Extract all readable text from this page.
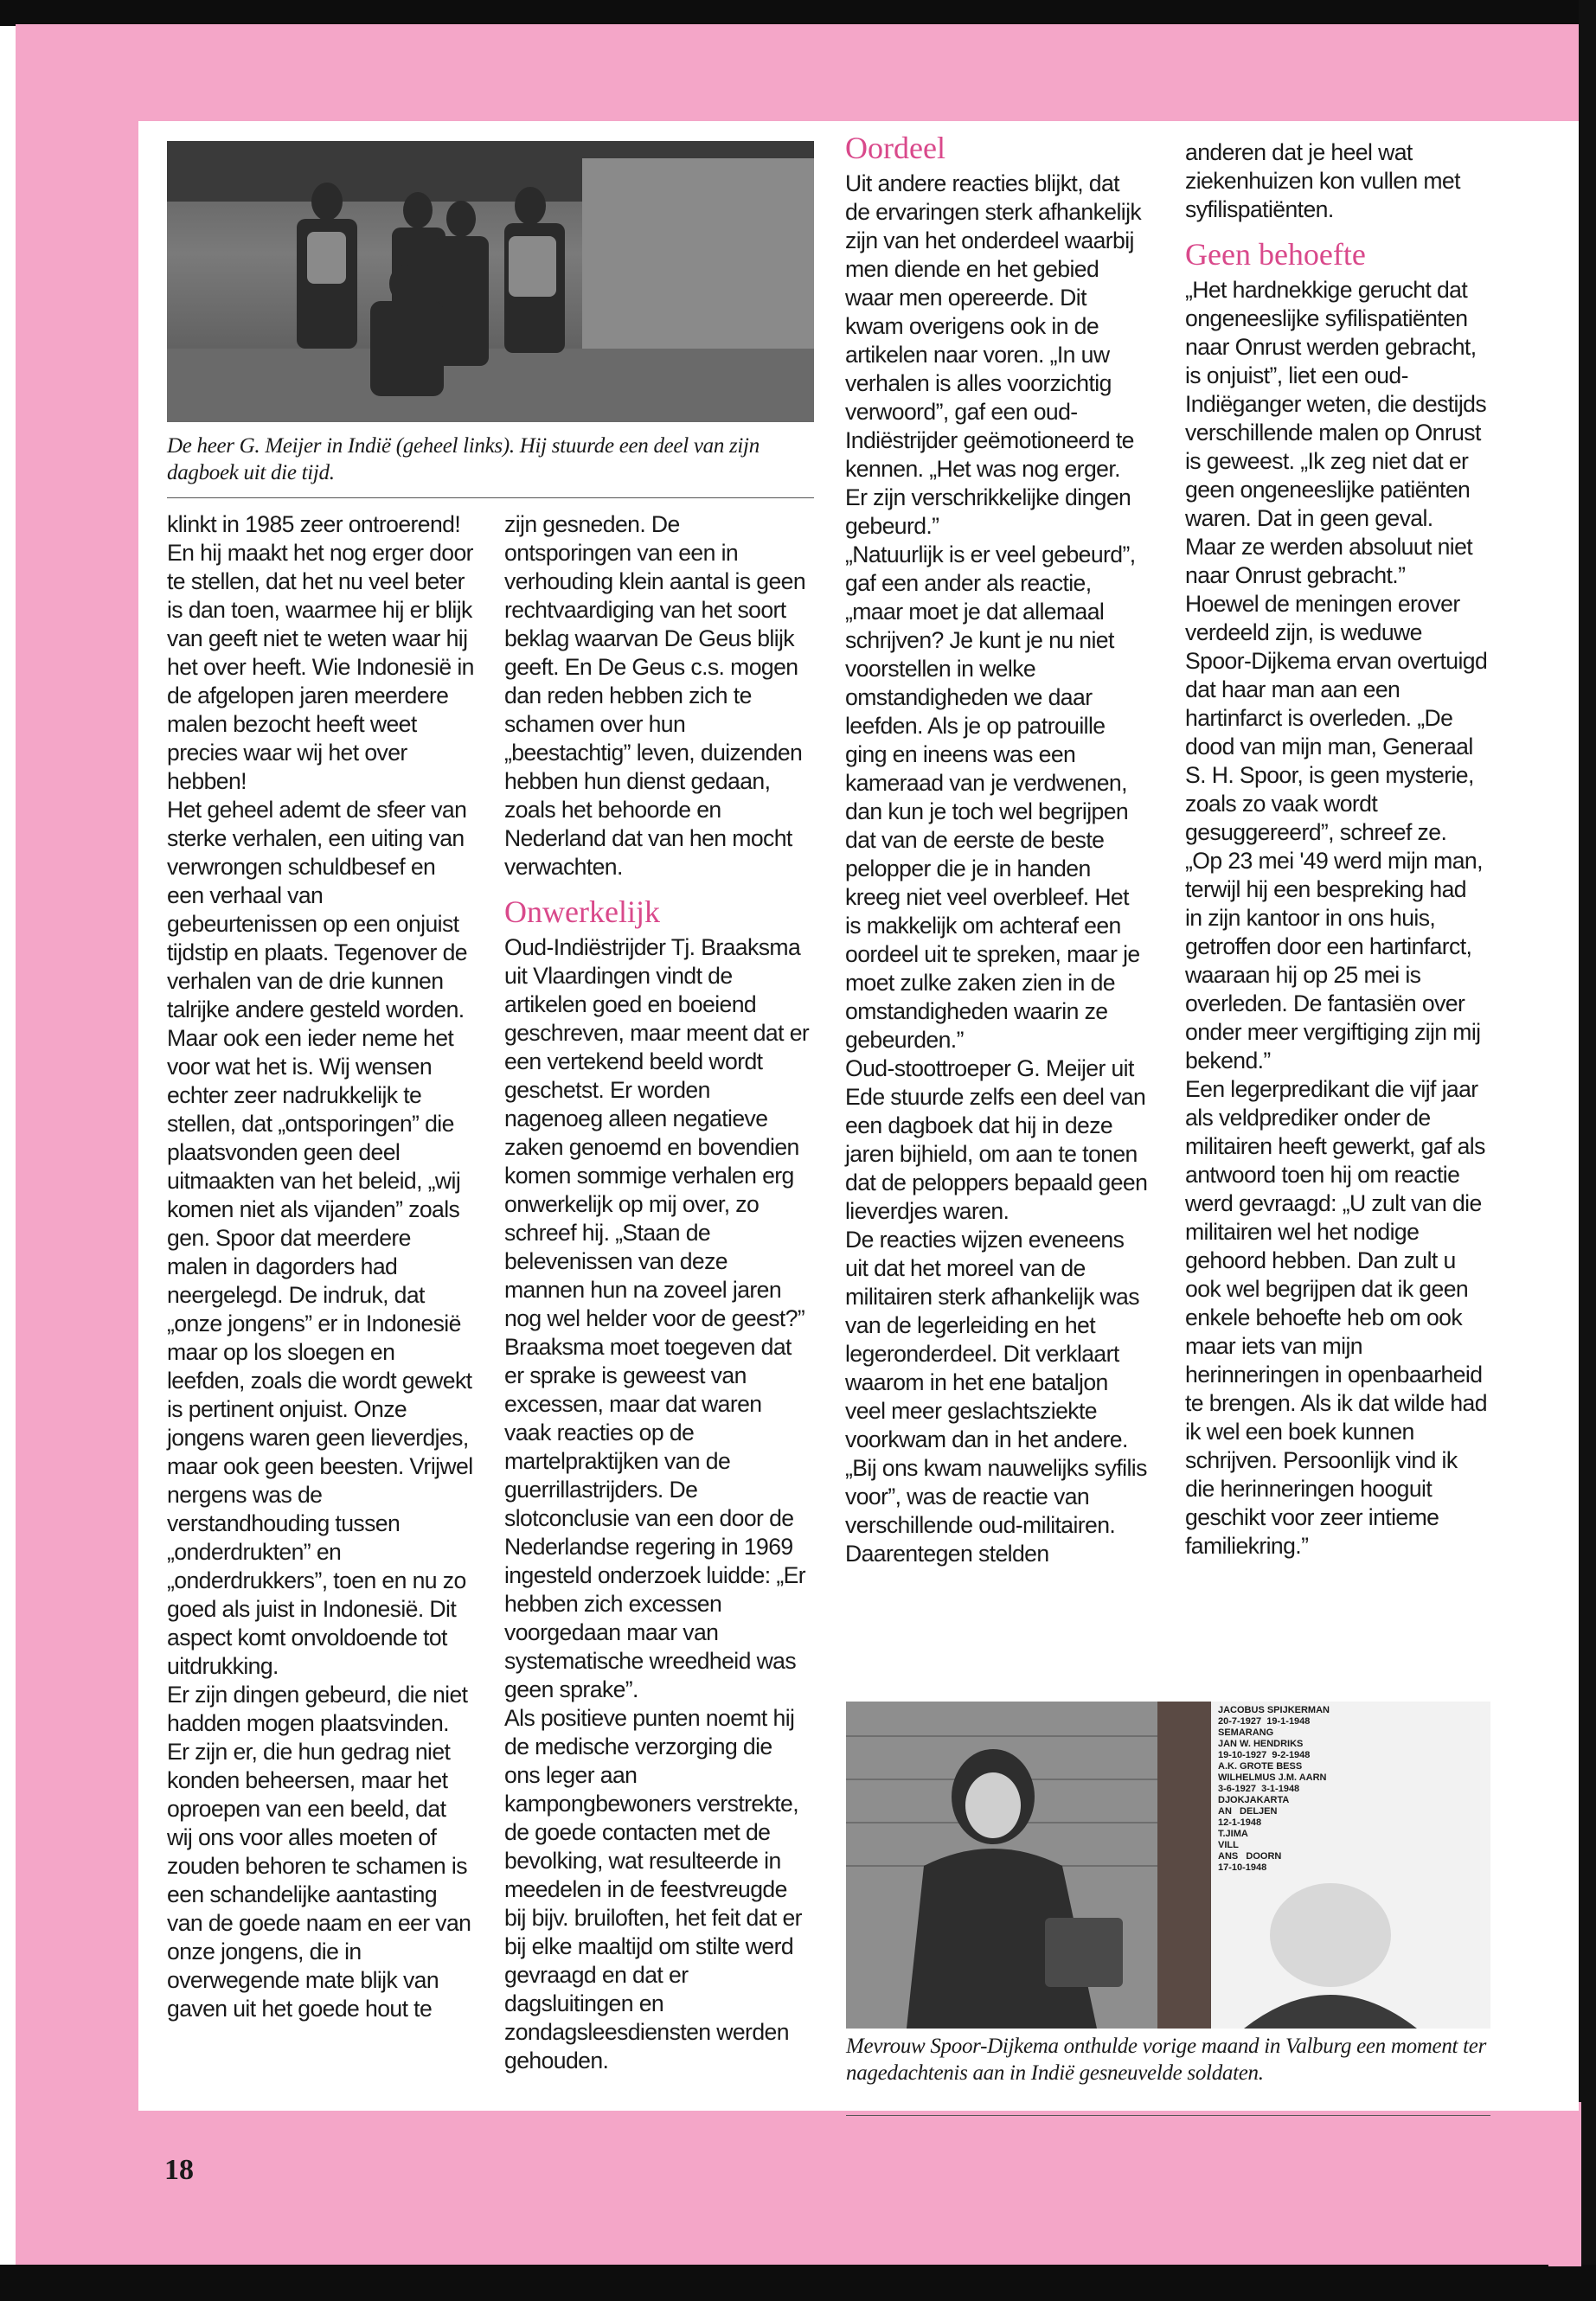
De heer G. Meijer in Indië (geheel links). Hij stuurde een deel van zijn dagboek uit die tijd.

klinkt in 1985 zeer ontroerend! En hij maakt het nog erger door te stellen, dat het nu veel beter is dan toen, waarmee hij er blijk van geeft niet te weten waar hij het over heeft. Wie Indonesië in de afgelopen jaren meerdere malen bezocht heeft weet precies waar wij het over hebben!

Het geheel ademt de sfeer van sterke verhalen, een uiting van verwrongen schuldbesef en een verhaal van gebeurtenissen op een onjuist tijdstip en plaats. Tegenover de verhalen van de drie kunnen talrijke andere gesteld worden. Maar ook een ieder neme het voor wat het is. Wij wensen echter zeer nadrukkelijk te stellen, dat „ontsporingen” die plaatsvonden geen deel uitmaakten van het beleid, „wij komen niet als vijanden” zoals gen. Spoor dat meerdere malen in dagorders had neergelegd. De indruk, dat „onze jongens” er in Indonesië maar op los sloegen en leefden, zoals die wordt gewekt is pertinent onjuist. Onze jongens waren geen lieverdjes, maar ook geen beesten. Vrijwel nergens was de verstandhouding tussen „onderdrukten” en „onderdrukkers”, toen en nu zo goed als juist in Indonesië. Dit aspect komt onvoldoende tot uitdrukking.

Er zijn dingen gebeurd, die niet hadden mogen plaatsvinden. Er zijn er, die hun gedrag niet konden beheersen, maar het oproepen van een beeld, dat wij ons voor alles moeten of zouden behoren te schamen is een schandelijke aantasting van de goede naam en eer van onze jongens, die in overwegende mate blijk van gaven uit het goede hout te

zijn gesneden. De ontsporingen van een in verhouding klein aantal is geen rechtvaardiging van het soort beklag waarvan De Geus blijk geeft. En De Geus c.s. mogen dan reden hebben zich te schamen over hun „beestachtig” leven, duizenden hebben hun dienst gedaan, zoals het behoorde en Nederland dat van hen mocht verwachten.

Onwerkelijk

Oud-Indiëstrijder Tj. Braaksma uit Vlaardingen vindt de artikelen goed en boeiend geschreven, maar meent dat er een vertekend beeld wordt geschetst. Er worden nagenoeg alleen negatieve zaken genoemd en bovendien komen sommige verhalen erg onwerkelijk op mij over, zo schreef hij. „Staan de belevenissen van deze mannen hun na zoveel jaren nog wel helder voor de geest?”

Braaksma moet toegeven dat er sprake is geweest van excessen, maar dat waren vaak reacties op de martelpraktijken van de guerrillastrijders. De slotconclusie van een door de Nederlandse regering in 1969 ingesteld onderzoek luidde: „Er hebben zich excessen voorgedaan maar van systematische wreedheid was geen sprake”.

Als positieve punten noemt hij de medische verzorging die ons leger aan kampongbewoners verstrekte, de goede contacten met de bevolking, wat resulteerde in meedelen in de feestvreugde bij bijv. bruiloften, het feit dat er bij elke maaltijd om stilte werd gevraagd en dat er dagsluitingen en zondagsleesdiensten werden gehouden.

Oordeel

Uit andere reacties blijkt, dat de ervaringen sterk afhankelijk zijn van het onderdeel waarbij men diende en het gebied waar men opereerde. Dit kwam overigens ook in de artikelen naar voren. „In uw verhalen is alles voorzichtig verwoord”, gaf een oud-Indiëstrijder geëmotioneerd te kennen. „Het was nog erger. Er zijn verschrikkelijke dingen gebeurd.”

„Natuurlijk is er veel gebeurd”, gaf een ander als reactie, „maar moet je dat allemaal schrijven? Je kunt je nu niet voorstellen in welke omstandigheden we daar leefden. Als je op patrouille ging en ineens was een kameraad van je verdwenen, dan kun je toch wel begrijpen dat van de eerste de beste pelopper die je in handen kreeg niet veel overbleef. Het is makkelijk om achteraf een oordeel uit te spreken, maar je moet zulke zaken zien in de omstandigheden waarin ze gebeurden.”

Oud-stoottroeper G. Meijer uit Ede stuurde zelfs een deel van een dagboek dat hij in deze jaren bijhield, om aan te tonen dat de peloppers bepaald geen lieverdjes waren.

De reacties wijzen eveneens uit dat het moreel van de militairen sterk afhankelijk was van de legerleiding en het legeronderdeel. Dit verklaart waarom in het ene bataljon veel meer geslachtsziekte voorkwam dan in het andere. „Bij ons kwam nauwelijks syfilis voor”, was de reactie van verschillende oud-militairen. Daarentegen stelden

anderen dat je heel wat ziekenhuizen kon vullen met syfilispatiënten.

Geen behoefte

„Het hardnekkige gerucht dat ongeneeslijke syfilispatiënten naar Onrust werden gebracht, is onjuist”, liet een oud-Indiëganger weten, die destijds verschillende malen op Onrust is geweest. „Ik zeg niet dat er geen ongeneeslijke patiënten waren. Dat in geen geval. Maar ze werden absoluut niet naar Onrust gebracht.”

Hoewel de meningen erover verdeeld zijn, is weduwe Spoor-Dijkema ervan overtuigd dat haar man aan een hartinfarct is overleden. „De dood van mijn man, Generaal S. H. Spoor, is geen mysterie, zoals zo vaak wordt gesuggereerd”, schreef ze. „Op 23 mei '49 werd mijn man, terwijl hij een bespreking had in zijn kantoor in ons huis, getroffen door een hartinfarct, waaraan hij op 25 mei is overleden. De fantasiën over onder meer vergiftiging zijn mij bekend.”

Een legerpredikant die vijf jaar als veldprediker onder de militairen heeft gewerkt, gaf als antwoord toen hij om reactie werd gevraagd: „U zult van die militairen wel het nodige gehoord hebben. Dan zult u ook wel begrijpen dat ik geen enkele behoefte heb om ook maar iets van mijn herinneringen in openbaarheid te brengen. Als ik dat wilde had ik wel een boek kunnen schrijven. Persoonlijk vind ik die herinneringen hooguit geschikt voor zeer intieme familiekring.”

JACOBUS SPIJKERMAN
20-7-1927  19-1-1948
SEMARANG
JAN W. HENDRIKS
19-10-1927  9-2-1948
A.K. GROTE BESS
WILHELMUS J.M. AARN
3-6-1927  3-1-1948
DJOKJAKARTA
AN   DELJEN
12-1-1948
T.JIMA
VILL
ANS   DOORN
17-10-1948
Mevrouw Spoor-Dijkema onthulde vorige maand in Valburg een moment ter nagedachtenis aan in Indië gesneuvelde soldaten.
18
